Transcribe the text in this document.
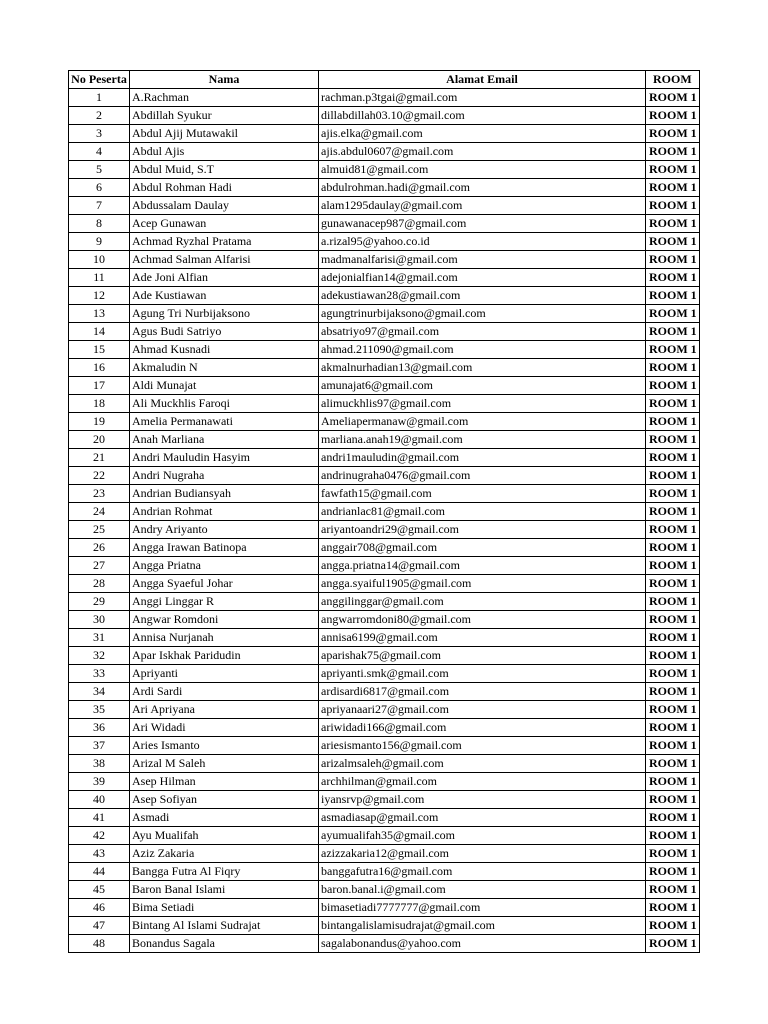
No Peserta	Nama	Alamat Email	ROOM
1	A.Rachman	rachman.p3tgai@gmail.com	ROOM 1
2	Abdillah Syukur	dillabdillah03.10@gmail.com	ROOM 1
3	Abdul Ajij Mutawakil	ajis.elka@gmail.com	ROOM 1
4	Abdul Ajis	ajis.abdul0607@gmail.com	ROOM 1
5	Abdul Muid, S.T	almuid81@gmail.com	ROOM 1
6	Abdul Rohman Hadi	abdulrohman.hadi@gmail.com	ROOM 1
7	Abdussalam Daulay	alam1295daulay@gmail.com	ROOM 1
8	Acep Gunawan	gunawanacep987@gmail.com	ROOM 1
9	Achmad Ryzhal Pratama	a.rizal95@yahoo.co.id	ROOM 1
10	Achmad Salman Alfarisi	madmanalfarisi@gmail.com	ROOM 1
11	Ade Joni Alfian	adejonialfian14@gmail.com	ROOM 1
12	Ade Kustiawan	adekustiawan28@gmail.com	ROOM 1
13	Agung Tri Nurbijaksono	agungtrinurbijaksono@gmail.com	ROOM 1
14	Agus Budi Satriyo	absatriyo97@gmail.com	ROOM 1
15	Ahmad Kusnadi	ahmad.211090@gmail.com	ROOM 1
16	Akmaludin N	akmalnurhadian13@gmail.com	ROOM 1
17	Aldi Munajat	amunajat6@gmail.com	ROOM 1
18	Ali Muckhlis Faroqi	alimuckhlis97@gmail.com	ROOM 1
19	Amelia Permanawati	Ameliapermanaw@gmail.com	ROOM 1
20	Anah Marliana	marliana.anah19@gmail.com	ROOM 1
21	Andri Mauludin Hasyim	andri1mauludin@gmail.com	ROOM 1
22	Andri Nugraha	andrinugraha0476@gmail.com	ROOM 1
23	Andrian Budiansyah	fawfath15@gmail.com	ROOM 1
24	Andrian Rohmat	andrianlac81@gmail.com	ROOM 1
25	Andry Ariyanto	ariyantoandri29@gmail.com	ROOM 1
26	Angga Irawan Batinopa	anggair708@gmail.com	ROOM 1
27	Angga Priatna	angga.priatna14@gmail.com	ROOM 1
28	Angga Syaeful Johar	angga.syaiful1905@gmail.com	ROOM 1
29	Anggi Linggar R	anggilinggar@gmail.com	ROOM 1
30	Angwar Romdoni	angwarromdoni80@gmail.com	ROOM 1
31	Annisa Nurjanah	annisa6199@gmail.com	ROOM 1
32	Apar Iskhak Paridudin	aparishak75@gmail.com	ROOM 1
33	Apriyanti	apriyanti.smk@gmail.com	ROOM 1
34	Ardi Sardi	ardisardi6817@gmail.com	ROOM 1
35	Ari Apriyana	apriyanaari27@gmail.com	ROOM 1
36	Ari Widadi	ariwidadi166@gmail.com	ROOM 1
37	Aries Ismanto	ariesismanto156@gmail.com	ROOM 1
38	Arizal M Saleh	arizalmsaleh@gmail.com	ROOM 1
39	Asep Hilman	archhilman@gmail.com	ROOM 1
40	Asep Sofiyan	iyansrvp@gmail.com	ROOM 1
41	Asmadi	asmadiasap@gmail.com	ROOM 1
42	Ayu Mualifah	ayumualifah35@gmail.com	ROOM 1
43	Aziz Zakaria	azizzakaria12@gmail.com	ROOM 1
44	Bangga Futra Al Fiqry	banggafutra16@gmail.com	ROOM 1
45	Baron Banal Islami	baron.banal.i@gmail.com	ROOM 1
46	Bima Setiadi	bimasetiadi7777777@gmail.com	ROOM 1
47	Bintang Al Islami Sudrajat	bintangalislamisudrajat@gmail.com	ROOM 1
48	Bonandus Sagala	sagalabonandus@yahoo.com	ROOM 1
